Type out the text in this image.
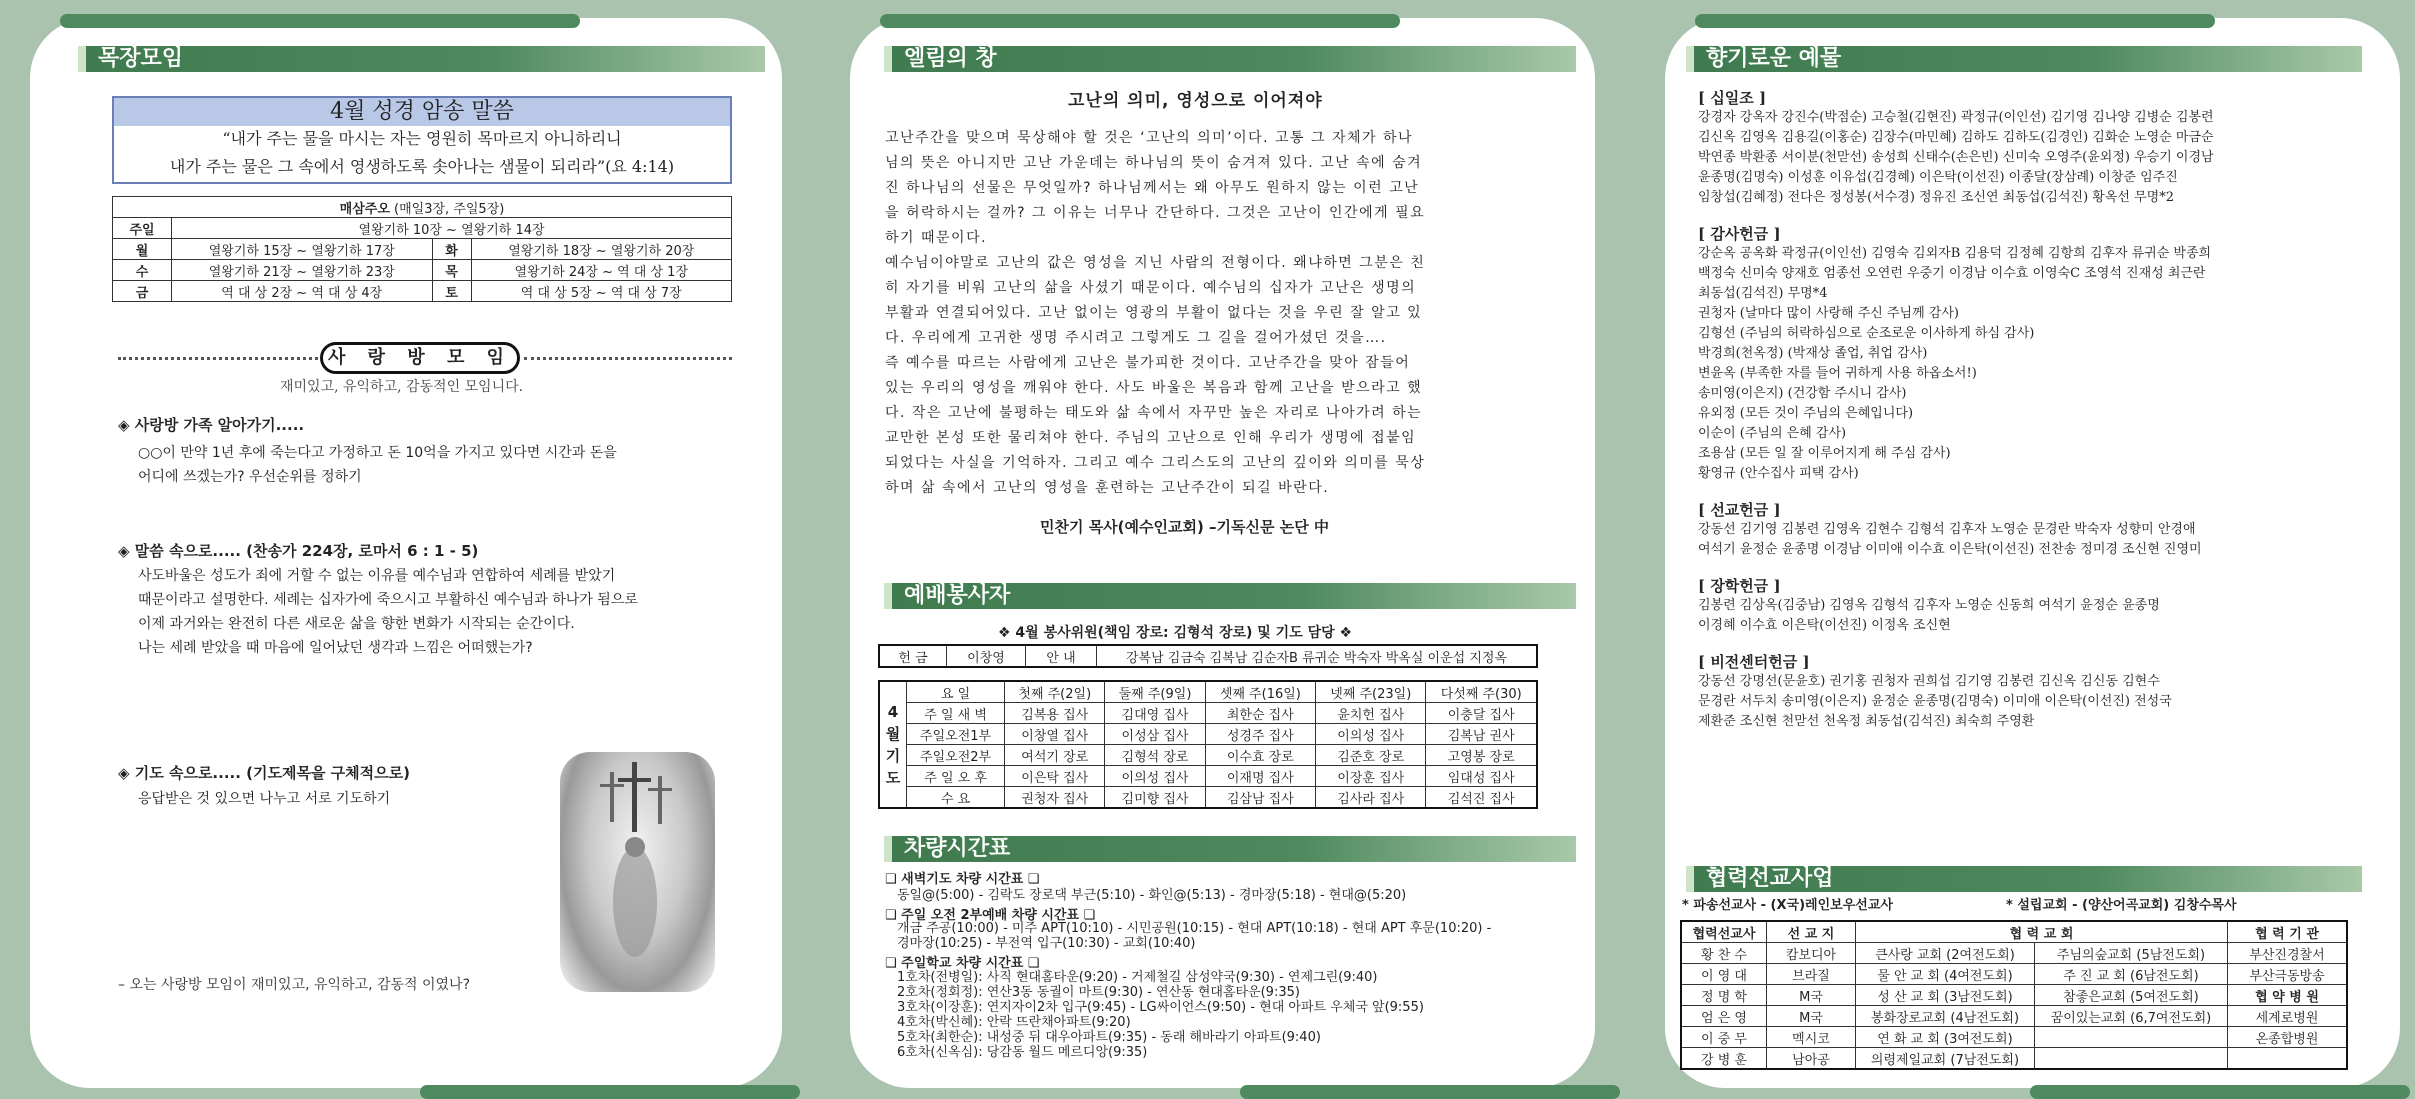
목장모임
4월 성경 암송 말씀
“내가 주는 물을 마시는 자는 영원히 목마르지 아니하리니
내가 주는 물은 그 속에서 영생하도록 솟아나는 샘물이 되리라”(요 4:14)
매삼주오 (매일3장, 주일5장)			
주일	열왕기하 10장 ~ 열왕기하 14장		
월	열왕기하 15장 ~ 열왕기하 17장	화	열왕기하 18장 ~ 열왕기하 20장
수	열왕기하 21장 ~ 열왕기하 23장	목	열왕기하 24장 ~ 역 대 상 1장
금	역 대 상 2장 ~ 역 대 상 4장	토	역 대 상 5장 ~ 역 대 상 7장
사 랑 방 모 임
재미있고, 유익하고, 감동적인 모임니다.
◈ 사랑방 가족 알아가기.....
○○이 만약 1년 후에 죽는다고 가정하고 돈 10억을 가지고 있다면 시간과 돈을
어디에 쓰겠는가? 우선순위를 정하기
◈ 말씀 속으로..... (찬송가 224장, 로마서 6 : 1 - 5)
사도바울은 성도가 죄에 거할 수 없는 이유를 예수님과 연합하여 세례를 받았기
때문이라고 설명한다. 세례는 십자가에 죽으시고 부활하신 예수님과 하나가 됨으로
이제 과거와는 완전히 다른 새로운 삶을 향한 변화가 시작되는 순간이다.
나는 세례 받았을 때 마음에 일어났던 생각과 느낌은 어떠했는가?
◈ 기도 속으로..... (기도제목을 구체적으로)
응답받은 것 있으면 나누고 서로 기도하기
– 오는 사랑방 모임이 재미있고, 유익하고, 감동적 이였나?
엘림의 창
고난의 의미, 영성으로 이어져야
고난주간을 맞으며 묵상해야 할 것은 ‘고난의 의미’이다. 고통 그 자체가 하나
님의 뜻은 아니지만 고난 가운데는 하나님의 뜻이 숨겨져 있다. 고난 속에 숨겨
진 하나님의 선물은 무엇일까? 하나님께서는 왜 아무도 원하지 않는 이런 고난
을 허락하시는 걸까? 그 이유는 너무나 간단하다. 그것은 고난이 인간에게 필요
하기 때문이다.
예수님이야말로 고난의 값은 영성을 지닌 사람의 전형이다. 왜냐하면 그분은 친
히 자기를 비워 고난의 삶을 사셨기 때문이다. 예수님의 십자가 고난은 생명의
부활과 연결되어있다. 고난 없이는 영광의 부활이 없다는 것을 우린 잘 알고 있
다. 우리에게 고귀한 생명 주시려고 그렇게도 그 길을 걸어가셨던 것을….
즉 예수를 따르는 사람에게 고난은 불가피한 것이다. 고난주간을 맞아 잠들어
있는 우리의 영성을 깨워야 한다. 사도 바울은 복음과 함께 고난을 받으라고 했
다. 작은 고난에 불평하는 태도와 삶 속에서 자꾸만 높은 자리로 나아가려 하는
교만한 본성 또한 물리쳐야 한다. 주님의 고난으로 인해 우리가 생명에 접붙임
되었다는 사실을 기억하자. 그리고 예수 그리스도의 고난의 깊이와 의미를 묵상
하며 삶 속에서 고난의 영성을 훈련하는 고난주간이 되길 바란다.
민찬기 목사(예수인교회) –기독신문 논단 中
예배봉사자
❖ 4월 봉사위원(책임 장로: 김형석 장로) 및 기도 담당 ❖
헌 금	이창영	안 내	강복남 김금숙 김복남 김순자B 류귀순 박숙자 박옥실 이운섭 지정옥
4월기도	요 일	첫째 주(2일)	둘째 주(9일)	셋째 주(16일)	넷째 주(23일)	다섯째 주(30)
	주 일 새 벽	김복용 집사	김대영 집사	최한순 집사	윤치헌 집사	이충달 집사
	주일오전1부	이창열 집사	이성삼 집사	성경주 집사	이의성 집사	김복남 권사
	주일오전2부	여석기 장로	김형석 장로	이수효 장로	김준호 장로	고영봉 장로
	주 일 오 후	이은탁 집사	이의성 집사	이재명 집사	이장훈 집사	임대성 집사
	수 요	권청자 집사	김미향 집사	김삼남 집사	김사라 집사	김석진 집사
차량시간표
❑ 새벽기도 차량 시간표 ❑
동일@(5:00) - 김락도 장로댁 부근(5:10) - 화인@(5:13) - 경마장(5:18) - 현대@(5:20)
❑ 주일 오전 2부예배 차량 시간표 ❑
개금 주공(10:00) - 미주 APT(10:10) - 시민공원(10:15) - 현대 APT(10:18) - 현대 APT 후문(10:20) -
경마장(10:25) - 부전역 입구(10:30) - 교회(10:40)
❑ 주일학교 차량 시간표 ❑
1호차(전병일): 사직 현대홈타운(9:20) - 거제철길 삼성약국(9:30) - 연제그린(9:40)
2호차(정회정): 연산3동 동궐이 마트(9:30) - 연산동 현대홈타운(9:35)
3호차(이장훈): 연지자이2차 입구(9:45) - LG싸이언스(9:50) - 현대 아파트 우체국 앞(9:55)
4호차(박신혜): 안락 뜨란채아파트(9:20)
5호차(최한순): 내성중 뒤 대우아파트(9:35) - 동래 해바라기 아파트(9:40)
6호차(신옥심): 당감동 월드 메르디앙(9:35)
향기로운 예물
[ 십일조 ]
강경자 강옥자 강진수(박점순) 고승철(김현진) 곽정규(이인선) 김기영 김나양 김병순 김봉련
김신옥 김영옥 김용길(이홍순) 김장수(마민혜) 김하도 김하도(김경인) 김화순 노영순 마금순
박연종 박환종 서이분(천맏선) 송성희 신태수(손은빈) 신미숙 오영주(윤외정) 우승기 이경남
윤종명(김명숙) 이성훈 이유섭(김경혜) 이은탁(이선진) 이종달(장삼례) 이창준 임주진
임창섭(김혜정) 전다은 정성봉(서수경) 정유진 조신연 최동섭(김석진) 황옥선 무명*2
[ 감사헌금 ]
강순옥 공옥화 곽정규(이인선) 김영숙 김외자B 김용덕 김정혜 김항희 김후자 류귀순 박종희
백정숙 신미숙 양재호 엄종선 오연런 우중기 이경남 이수효 이영숙C 조영석 진재성 최근란
최동섭(김석진) 무명*4
권청자 (날마다 많이 사랑해 주신 주님께 감사)
김형선 (주님의 허락하심으로 순조로운 이사하게 하심 감사)
박경희(천옥정) (박재상 졸업, 취업 감사)
변윤옥 (부족한 자를 들어 귀하게 사용 하옵소서!)
송미영(이은지) (건강함 주시니 감사)
유외정 (모든 것이 주님의 은혜입니다)
이순이 (주님의 은혜 감사)
조용삼 (모든 일 잘 이루어지게 해 주심 감사)
황영규 (안수집사 피택 감사)
[ 선교헌금 ]
강동선 김기영 김봉련 김영옥 김현수 김형석 김후자 노영순 문경란 박숙자 성향미 안경애
여석기 윤정순 윤종명 이경남 이미애 이수효 이은탁(이선진) 전찬송 정미경 조신현 진영미
[ 장학헌금 ]
김봉련 김상옥(김중남) 김영옥 김형석 김후자 노영순 신동희 여석기 윤정순 윤종명
이경혜 이수효 이은탁(이선진) 이정옥 조신현
[ 비전센터헌금 ]
강동선 강명선(문윤호) 권기홍 권청자 권희섭 김기영 김봉련 김신옥 김신동 김현수
문경란 서두치 송미영(이은지) 윤정순 윤종명(김명숙) 이미애 이은탁(이선진) 전성국
제환준 조신현 천맏선 천옥정 최동섭(김석진) 최숙희 주영환
협력선교사업
* 파송선교사 - (X국)레인보우선교사	* 설립교회 - (양산어곡교회) 김창수목사
협력선교사	선 교 지	협 력 교 회		협 력 기 관
황 찬 수	캄보디아	큰사랑 교회 (2여전도회)	주님의숲교회 (5남전도회)	부산진경찰서
이 영 대	브라질	물 안 교 회 (4여전도회)	주 진 교 회 (6남전도회)	부산극동방송
정 명 학	M국	성 산 교 회 (3남전도회)	참좋은교회 (5여전도회)	협 약 병 원
엄 은 영	M국	봉화장로교회 (4남전도회)	꿈이있는교회 (6,7여전도회)	세계로병원
이 중 무	멕시코	연 화 교 회 (3여전도회)		온종합병원
강 병 훈	남아공	의령제일교회 (7남전도회)		
